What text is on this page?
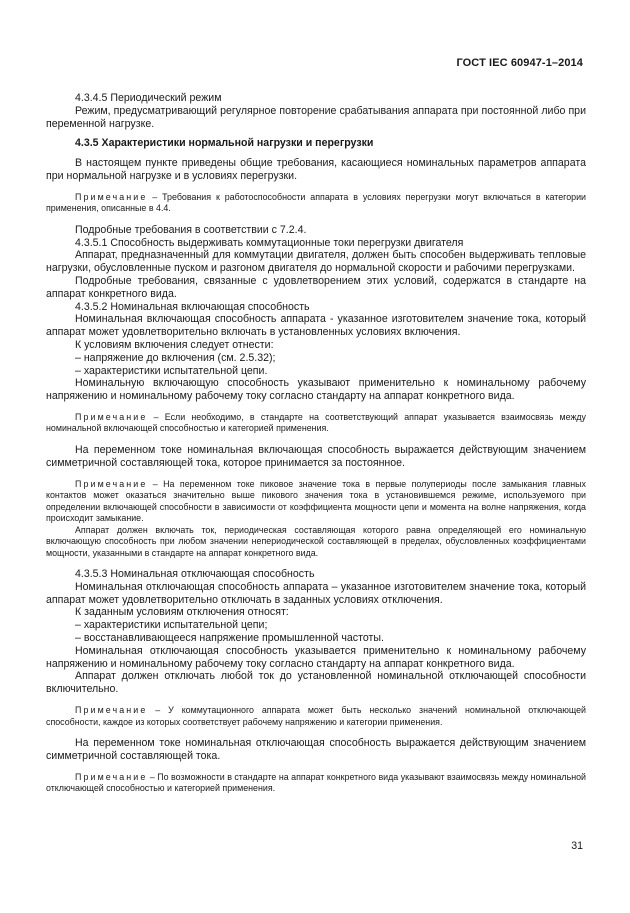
ГОСТ IEC 60947-1–2014

4.3.4.5 Периодический режим

Режим, предусматривающий регулярное повторение срабатывания аппарата при постоянной либо при переменной нагрузке.

4.3.5 Характеристики нормальной нагрузки и перегрузки

В настоящем пункте приведены общие требования, касающиеся номинальных параметров аппарата при нормальной нагрузке и в условиях перегрузки.

Примечание – Требования к работоспособности аппарата в условиях перегрузки могут включаться в категории применения, описанные в 4.4.

Подробные требования в соответствии с 7.2.4.

4.3.5.1 Способность выдерживать коммутационные токи перегрузки двигателя

Аппарат, предназначенный для коммутации двигателя, должен быть способен выдерживать тепловые нагрузки, обусловленные пуском и разгоном двигателя до нормальной скорости и рабочими перегрузками.

Подробные требования, связанные с удовлетворением этих условий, содержатся в стандарте на аппарат конкретного вида.

4.3.5.2 Номинальная включающая способность

Номинальная включающая способность аппарата - указанное изготовителем значение тока, который аппарат может удовлетворительно включать в установленных условиях включения.

К условиям включения следует отнести:

– напряжение до включения (см. 2.5.32);

– характеристики испытательной цепи.

Номинальную включающую способность указывают применительно к номинальному рабочему напряжению и номинальному рабочему току согласно стандарту на аппарат конкретного вида.

Примечание – Если необходимо, в стандарте на соответствующий аппарат указывается взаимосвязь между номинальной включающей способностью и категорией применения.

На переменном токе номинальная включающая способность выражается действующим значением симметричной составляющей тока, которое принимается за постоянное.

Примечание – На переменном токе пиковое значение тока в первые полупериоды после замыкания главных контактов может оказаться значительно выше пикового значения тока в установившемся режиме, используемого при определении включающей способности в зависимости от коэффициента мощности цепи и момента на волне напряжения, когда происходит замыкание.

Аппарат должен включать ток, периодическая составляющая которого равна определяющей его номинальную включающую способность при любом значении непериодической составляющей в пределах, обусловленных коэффициентами мощности, указанными в стандарте на аппарат конкретного вида.

4.3.5.3 Номинальная отключающая способность

Номинальная отключающая способность аппарата – указанное изготовителем значение тока, который аппарат может удовлетворительно отключать в заданных условиях отключения.

К заданным условиям отключения относят:

– характеристики испытательной цепи;

– восстанавливающееся напряжение промышленной частоты.

Номинальная отключающая способность указывается применительно к номинальному рабочему напряжению и номинальному рабочему току согласно стандарту на аппарат конкретного вида.

Аппарат должен отключать любой ток до установленной номинальной отключающей способности включительно.

Примечание – У коммутационного аппарата может быть несколько значений номинальной отключающей способности, каждое из которых соответствует рабочему напряжению и категории применения.

На переменном токе номинальная отключающая способность выражается действующим значением симметричной составляющей тока.

Примечание – По возможности в стандарте на аппарат конкретного вида указывают взаимосвязь между номинальной отключающей способностью и категорией применения.

31
